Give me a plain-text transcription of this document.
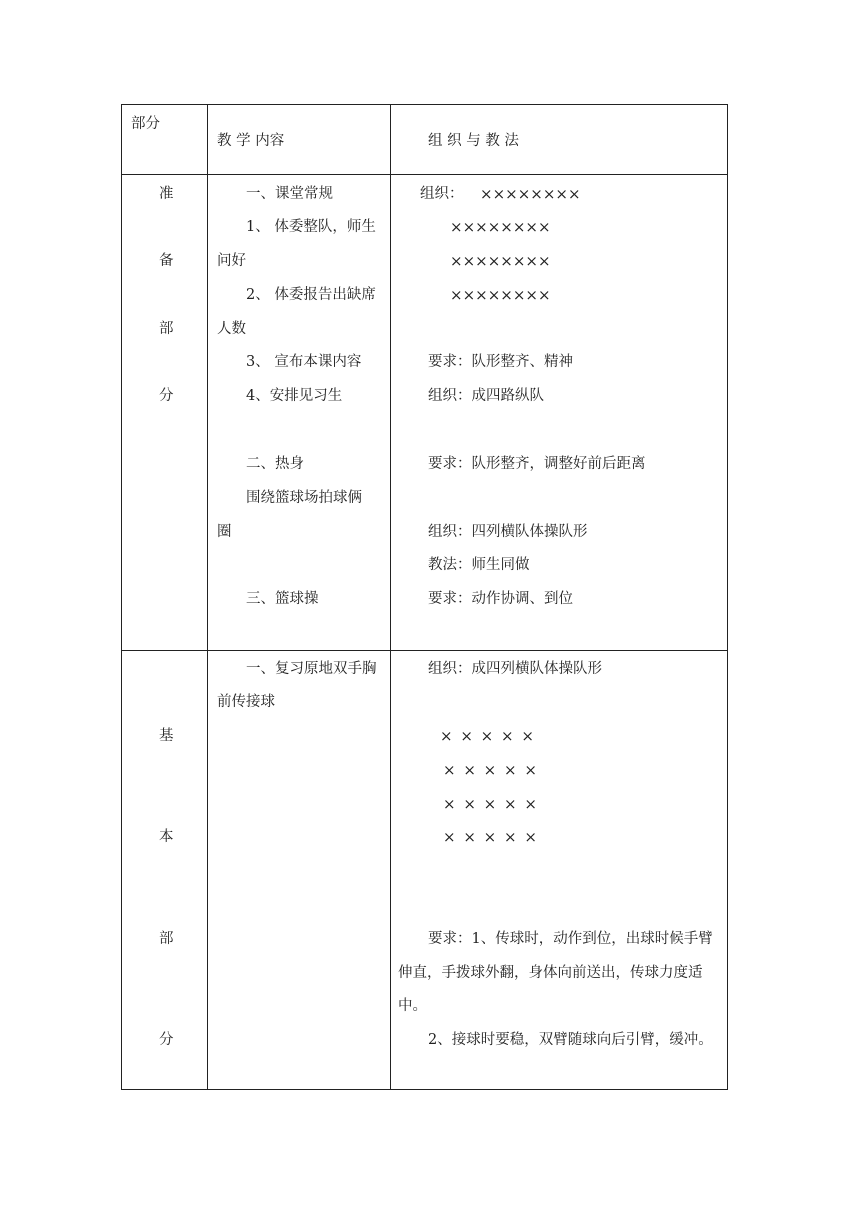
部分
教 学 内容	组 织 与 教 法
准
备
部
分
一、课堂常规
1、 体委整队，师生
问好
2、 体委报告出缺席
人数
3、 宣布本课内容
4、安排见习生
二、热身
围绕篮球场拍球俩
圈
三、篮球操
组织： ××××××××
××××××××
××××××××
××××××××
要求：队形整齐、精神
组织：成四路纵队
要求：队形整齐，调整好前后距离
组织：四列横队体操队形
教法：师生同做
要求：动作协调、到位
基
本
部
分
一、复习原地双手胸
前传接球
组织：成四列横队体操队形
× × × × ×
× × × × ×
× × × × ×
× × × × ×
要求：1、传球时，动作到位，出球时候手臂
伸直，手拨球外翻，身体向前送出，传球力度适
中。
2、接球时要稳，双臂随球向后引臂，缓冲。
